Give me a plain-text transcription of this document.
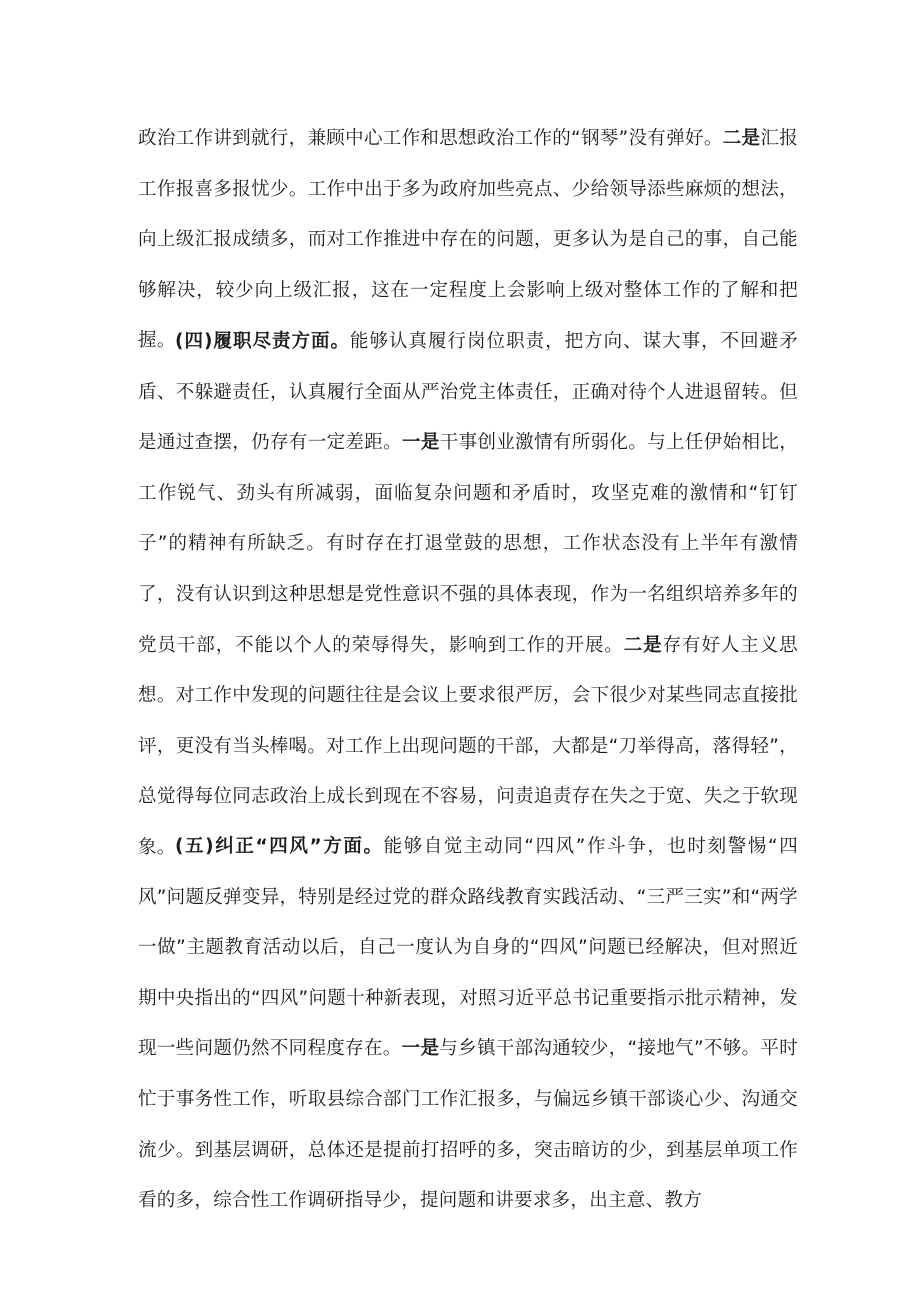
政治工作讲到就行，兼顾中心工作和思想政治工作的“钢琴”没有弹好。二是汇报工作报喜多报忧少。工作中出于多为政府加些亮点、少给领导添些麻烦的想法，向上级汇报成绩多，而对工作推进中存在的问题，更多认为是自己的事，自己能够解决，较少向上级汇报，这在一定程度上会影响上级对整体工作的了解和把握。 (四)履职尽责方面。能够认真履行岗位职责，把方向、谋大事，不回避矛盾、不躲避责任，认真履行全面从严治党主体责任，正确对待个人进退留转。但是通过查摆，仍存有一定差距。一是干事创业激情有所弱化。与上任伊始相比，工作锐气、劲头有所减弱，面临复杂问题和矛盾时，攻坚克难的激情和“钉钉子”的精神有所缺乏。有时存在打退堂鼓的思想，工作状态没有上半年有激情了，没有认识到这种思想是党性意识不强的具体表现，作为一名组织培养多年的党员干部，不能以个人的荣辱得失，影响到工作的开展。二是存有好人主义思想。对工作中发现的问题往往是会议上要求很严厉，会下很少对某些同志直接批评，更没有当头棒喝。对工作上出现问题的干部，大都是“刀举得高，落得轻”，总觉得每位同志政治上成长到现在不容易，问责追责存在失之于宽、失之于软现象。 (五)纠正“四风”方面。能够自觉主动同“四风”作斗争，也时刻警惕“四风”问题反弹变异，特别是经过党的群众路线教育实践活动、“三严三实”和“两学一做”主题教育活动以后，自己一度认为自身的“四风”问题已经解决，但对照近期中央指出的“四风”问题十种新表现，对照习近平总书记重要指示批示精神，发现一些问题仍然不同程度存在。一是与乡镇干部沟通较少，“接地气”不够。平时忙于事务性工作，听取县综合部门工作汇报多，与偏远乡镇干部谈心少、沟通交流少。到基层调研，总体还是提前打招呼的多，突击暗访的少，到基层单项工作看的多，综合性工作调研指导少，提问题和讲要求多，出主意、教方
